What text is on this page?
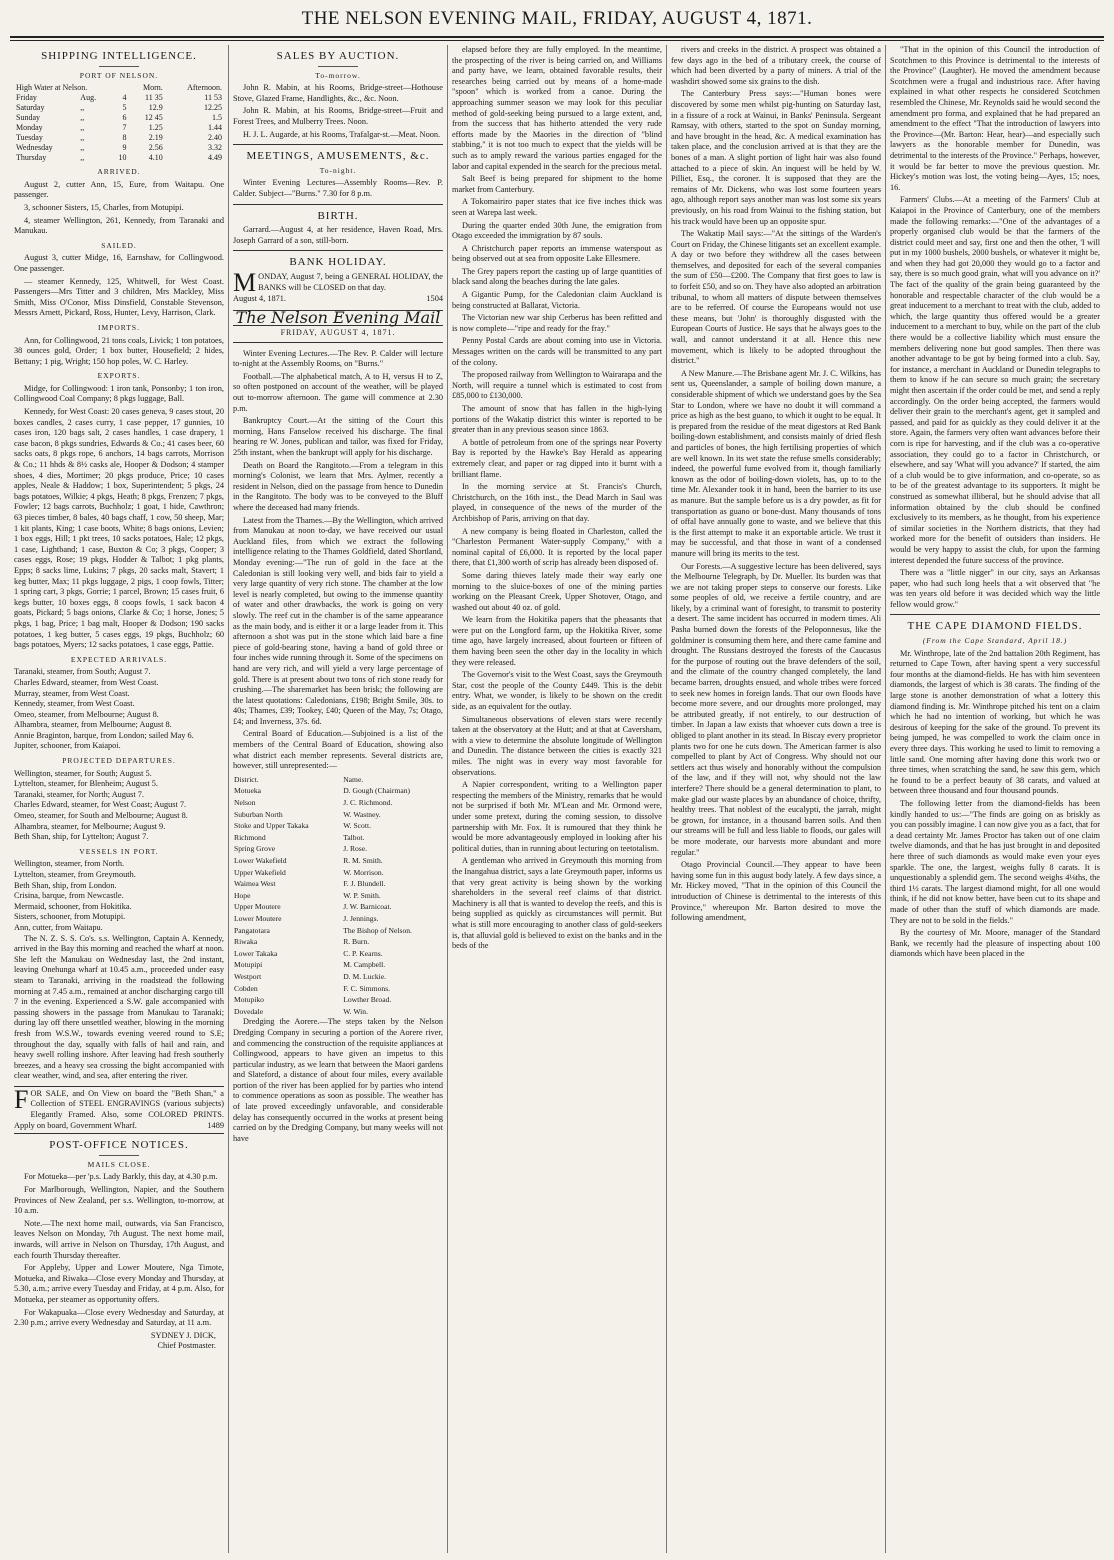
THE NELSON EVENING MAIL, FRIDAY, AUGUST 4, 1871.
SHIPPING INTELLIGENCE.
PORT OF NELSON.
High Water at Nelson.			Morn.	Afternoon.
Friday	Aug.	4	11 35	11 53
Saturday	,,	5	12.9	12.25
Sunday	,,	6	12 45	1.5
Monday	,,	7	1.25	1.44
Tuesday	,,	8	2.19	2.40
Wednesday	,,	9	2.56	3.32
Thursday	,,	10	4.10	4.49
ARRIVED.

August 2, cutter Ann, 15, Eure, from Waitapu. One passenger.

3, schooner Sisters, 15, Charles, from Motupipi.

4, steamer Wellington, 261, Kennedy, from Taranaki and Manukau.

SAILED.

August 3, cutter Midge, 16, Earnshaw, for Collingwood. One passenger.

— steamer Kennedy, 125, Whitwell, for West Coast. Passengers—Mrs Titter and 3 children, Mrs Mackley, Miss Smith, Miss O'Conor, Miss Dinsfield, Constable Stevenson, Messrs Arnett, Pickard, Ross, Hunter, Levy, Harrison, Clark.

IMPORTS.

Ann, for Collingwood, 21 tons coals, Livick; 1 ton potatoes, 38 ounces gold, Order; 1 box butter, Housefield; 2 hides, Bettany; 1 pig, Wright; 150 hop poles, W. C. Harley.

EXPORTS.

Midge, for Collingwood: 1 iron tank, Ponsonby; 1 ton iron, Collingwood Coal Company; 8 pkgs luggage, Ball.

Kennedy, for West Coast: 20 cases geneva, 9 cases stout, 20 boxes candles, 2 cases curry, 1 case pepper, 17 gunnies, 10 cases iron, 120 bags salt, 2 cases handles, 1 case drapery, 1 case bacon, 8 pkgs sundries, Edwards & Co.; 41 cases beer, 60 sacks oats, 8 pkgs rope, 6 anchors, 14 bags carrots, Morrison & Co.; 11 hhds & 8½ casks ale, Hooper & Dodson; 4 stamper shoes, 4 dies, Mortimer; 20 pkgs produce, Price; 10 cases apples, Neale & Haddow; 1 box, Superintendent; 5 pkgs, 24 bags potatoes, Wilkie; 4 pkgs, Heath; 8 pkgs, Frenzen; 7 pkgs, Fowler; 12 bags carrots, Buchholz; 1 goat, 1 hide, Cawthron; 63 pieces timber, 8 bales, 40 bags chaff, 1 cow, 50 sheep, Mar; 1 kit plants, King; 1 case boots, White; 8 bags onions, Levien; 1 box eggs, Hill; 1 pkt trees, 10 sacks potatoes, Hale; 12 pkgs, 1 case, Lightband; 1 case, Buxton & Co; 3 pkgs, Cooper; 3 cases eggs, Rose; 19 pkgs, Hodder & Talbot; 1 pkg plants, Epps; 8 sacks lime, Lukins; 7 pkgs, 20 sacks malt, Stavert; 1 keg butter, Max; 11 pkgs luggage, 2 pigs, 1 coop fowls, Titter; 1 spring cart, 3 pkgs, Gorrie; 1 parcel, Brown; 15 cases fruit, 6 kegs butter, 10 boxes eggs, 8 coops fowls, 1 sack bacon 4 goats, Pickard; 5 bags onions, Clarke & Co; 1 horse, Jones; 5 pkgs, 1 bag, Price; 1 bag malt, Hooper & Dodson; 190 sacks potatoes, 1 keg butter, 5 cases eggs, 19 pkgs, Buchholz; 60 bags potatoes, Myers; 12 sacks potatoes, 1 case eggs, Pattie.

EXPECTED ARRIVALS.
Taranaki, steamer, from South; August 7.
Charles Edward, steamer, from West Coast.
Murray, steamer, from West Coast.
Kennedy, steamer, from West Coast.
Omeo, steamer, from Melbourne; August 8.
Alhambra, steamer, from Melbourne; August 8.
Annie Braginton, barque, from London; sailed May 6.
Jupiter, schooner, from Kaiapoi.
PROJECTED DEPARTURES.
Wellington, steamer, for South; August 5.
Lyttelton, steamer, for Blenheim; August 5.
Taranaki, steamer, for North; August 7.
Charles Edward, steamer, for West Coast; August 7.
Omeo, steamer, for South and Melbourne; August 8.
Alhambra, steamer, for Melbourne; August 9.
Beth Shan, ship, for Lyttelton; August 7.
VESSELS IN PORT.
Wellington, steamer, from North.
Lyttelton, steamer, from Greymouth.
Beth Shan, ship, from London.
Crisina, barque, from Newcastle.
Mermaid, schooner, from Hokitika.
Sisters, schooner, from Motupipi.
Ann, cutter, from Waitapu.

The N. Z. S. S. Co's. s.s. Wellington, Captain A. Kennedy, arrived in the Bay this morning and reached the wharf at noon. She left the Manukau on Wednesday last, the 2nd instant, leaving Onehunga wharf at 10.45 a.m., proceeded under easy steam to Taranaki, arriving in the roadstead the following morning at 7.45 a.m., remained at anchor discharging cargo till 7 in the evening. Experienced a S.W. gale accompanied with passing showers in the passage from Manukau to Taranaki; during lay off there unsettled weather, blowing in the morning fresh from W.S.W., towards evening veered round to S.E; throughout the day, squally with falls of hail and rain, and heavy swell rolling inshore. After leaving had fresh southerly breezes, and a heavy sea crossing the bight accompanied with clear weather, wind, and sea, after entering the river.

F OR SALE, and On View on board the "Beth Shan," a Collection of STEEL ENGRAVINGS (various subjects) Elegantly Framed. Also, some COLORED PRINTS. Apply on board, Government Wharf.	1489
POST-OFFICE NOTICES.
MAILS CLOSE.

For Motueka—per 'p.s. Lady Barkly, this day, at 4.30 p.m.

For Marlborough, Wellington, Napier, and the Southern Provinces of New Zealand, per s.s. Wellington, to-morrow, at 10 a.m.

Note.—The next home mail, outwards, via San Francisco, leaves Nelson on Monday, 7th August. The next home mail, inwards, will arrive in Nelson on Thursday, 17th August, and each fourth Thursday thereafter.

For Appleby, Upper and Lower Moutere, Nga Timote, Motueka, and Riwaka—Close every Monday and Thursday, at 5.30, a.m.; arrive every Tuesday and Friday, at 4 p.m. Also, for Motueka, per steamer as opportunity offers.

For Wakapuaka—Close every Wednesday and Saturday, at 2.30 p.m.; arrive every Wednesday and Saturday, at 11 a.m.

SYDNEY J. DICK,
Chief Postmaster.
SALES BY AUCTION.
To-morrow.

John R. Mabin, at his Rooms, Bridge-street—Hothouse Stove, Glazed Frame, Handlights, &c., &c. Noon.

John R. Mabin, at his Rooms, Bridge-street—Fruit and Forest Trees, and Mulberry Trees. Noon.

H. J. L. Augarde, at his Rooms, Trafalgar-st.—Meat. Noon.

MEETINGS, AMUSEMENTS, &c.
To-night.

Winter Evening Lectures—Assembly Rooms—Rev. P. Calder. Subject—"Burns." 7.30 for 8 p.m.

BIRTH.

Garrard.—August 4, at her residence, Haven Road, Mrs. Joseph Garrard of a son, still-born.

BANK HOLIDAY.
M ONDAY, August 7, being a GENERAL HOLIDAY, the BANKS will be CLOSED on that day.
August 4, 1871.	1504
The Nelson Evening Mail
FRIDAY, AUGUST 4, 1871.

Winter Evening Lectures.—The Rev. P. Calder will lecture to-night at the Assembly Rooms, on "Burns."

Football.—The alphabetical match, A to H, versus H to Z, so often postponed on account of the weather, will be played out to-morrow afternoon. The game will commence at 2.30 p.m.

Bankruptcy Court.—At the sitting of the Court this morning, Hans Fanselow received his discharge. The final hearing re W. Jones, publican and tailor, was fixed for Friday, 25th instant, when the bankrupt will apply for his discharge.

Death on Board the Rangitoto.—From a telegram in this morning's Colonist, we learn that Mrs. Aylmer, recently a resident in Nelson, died on the passage from hence to Dunedin in the Rangitoto. The body was to be conveyed to the Bluff where the deceased had many friends.

Latest from the Thames.—By the Wellington, which arrived from Manukau at noon to-day, we have received our usual Auckland files, from which we extract the following intelligence relating to the Thames Goldfield, dated Shortland, Monday evening:—"The run of gold in the face at the Caledonian is still looking very well, and bids fair to yield a very large quantity of very rich stone. The chamber at the low level is nearly completed, but owing to the immense quantity of water and other drawbacks, the work is going on very slowly. The reef cut in the chamber is of the same appearance as the main body, and is either it or a large leader from it. This afternoon a shot was put in the stone which laid bare a fine piece of gold-bearing stone, having a band of gold three or four inches wide running through it. Some of the specimens on hand are very rich, and will yield a very large percentage of gold. There is at present about two tons of rich stone ready for crushing.—The sharemarket has been brisk; the following are the latest quotations: Caledonians, £198; Bright Smile, 30s. to 40s; Thames, £39; Tookey, £40; Queen of the May, 7s; Otago, £4; and Inverness, 37s. 6d.

Central Board of Education.—Subjoined is a list of the members of the Central Board of Education, showing also what district each member represents. Several districts are, however, still unrepresented:—

District.	Name.
Motueka	D. Gough (Chairman)
Nelson	J. C. Richmond.
Suburban North	W. Wastney.
Stoke and Upper Takaka	W. Scott.
Richmond	Talbot.
Spring Grove	J. Rose.
Lower Wakefield	R. M. Smith.
Upper Wakefield	W. Morrison.
Waimea West	F. J. Blundell.
Hope	W. P. Smith.
Upper Moutere	J. W. Barnicoat.
Lower Moutere	J. Jennings.
Pangatotara	The Bishop of Nelson.
Riwaka	R. Burn.
Lower Takaka	C. P. Kearns.
Motupipi	M. Campbell.
Westport	D. M. Luckie.
Cobden	F. C. Simmons.
Motupiko	Lowther Broad.
Dovedale	W. Win.

Dredging the Aorere.—The steps taken by the Nelson Dredging Company in securing a portion of the Aorere river, and commencing the construction of the requisite appliances at Collingwood, appears to have given an impetus to this particular industry, as we learn that between the Maori gardens and Slateford, a distance of about four miles, every available portion of the river has been applied for by parties who intend to commence operations as soon as possible. The weather has of late proved exceedingly unfavorable, and considerable delay has consequently occurred in the works at present being carried on by the Dredging Company, but many weeks will not have

elapsed before they are fully employed. In the meantime, the prospecting of the river is being carried on, and Williams and party have, we learn, obtained favorable results, their researches being carried out by means of a home-made "spoon" which is worked from a canoe. During the approaching summer season we may look for this peculiar method of gold-seeking being pursued to a large extent, and, from the success that has hitherto attended the very rude efforts made by the Maories in the direction of "blind stabbing," it is not too much to expect that the yields will be such as to amply reward the various parties engaged for the labor and capital expended in the search for the precious metal.

Salt Beef is being prepared for shipment to the home market from Canterbury.

A Tokomairiro paper states that ice five inches thick was seen at Warepa last week.

During the quarter ended 30th June, the emigration from Otago exceeded the immigration by 87 souls.

A Christchurch paper reports an immense waterspout as being observed out at sea from opposite Lake Ellesmere.

The Grey papers report the casting up of large quantities of black sand along the beaches during the late gales.

A Gigantic Pump, for the Caledonian claim Auckland is being constructed at Ballarat, Victoria.

The Victorian new war ship Cerberus has been refitted and is now complete—"ripe and ready for the fray."

Penny Postal Cards are about coming into use in Victoria. Messages written on the cards will be transmitted to any part of the colony.

The proposed railway from Wellington to Wairarapa and the North, will require a tunnel which is estimated to cost from £85,000 to £130,000.

The amount of snow that has fallen in the high-lying portions of the Wakatip district this winter is reported to be greater than in any previous season since 1863.

A bottle of petroleum from one of the springs near Poverty Bay is reported by the Hawke's Bay Herald as appearing extremely clear, and paper or rag dipped into it burnt with a brilliant flame.

In the morning service at St. Francis's Church, Christchurch, on the 16th inst., the Dead March in Saul was played, in consequence of the news of the murder of the Archbishop of Paris, arriving on that day.

A new company is being floated in Charleston, called the "Charleston Permanent Water-supply Company," with a nominal capital of £6,000. It is reported by the local paper there, that £1,300 worth of scrip has already been disposed of.

Some daring thieves lately made their way early one morning to the sluice-boxes of one of the mining parties working on the Pleasant Creek, Upper Shotover, Otago, and washed out about 40 oz. of gold.

We learn from the Hokitika papers that the pheasants that were put on the Longford farm, up the Hokitika River, some time ago, have largely increased, about fourteen or fifteen of them having been seen the other day in the locality in which they were released.

The Governor's visit to the West Coast, says the Greymouth Star, cost the people of the County £449. This is the debit entry. What, we wonder, is likely to be shown on the credit side, as an equivalent for the outlay.

Simultaneous observations of eleven stars were recently taken at the observatory at the Hutt; and at that at Caversham, with a view to determine the absolute longitude of Wellington and Dunedin. The distance between the cities is exactly 321 miles. The night was in every way most favorable for observations.

A Napier correspondent, writing to a Wellington paper respecting the members of the Ministry, remarks that he would not be surprised if both Mr. M'Lean and Mr. Ormond were, under some pretext, during the coming session, to dissolve partnership with Mr. Fox. It is rumoured that they think he would be more advantageously employed in looking after his political duties, than in running about lecturing on teetotalism.

A gentleman who arrived in Greymouth this morning from the Inangahua district, says a late Greymouth paper, informs us that very great activity is being shown by the working shareholders in the several reef claims of that district. Machinery is all that is wanted to develop the reefs, and this is being supplied as quickly as circumstances will permit. But what is still more encouraging to another class of gold-seekers is, that alluvial gold is believed to exist on the banks and in the beds of the

rivers and creeks in the district. A prospect was obtained a few days ago in the bed of a tributary creek, the course of which had been diverted by a party of miners. A trial of the washdirt showed some six grains to the dish.

The Canterbury Press says:—"Human bones were discovered by some men whilst pig-hunting on Saturday last, in a fissure of a rock at Wainui, in Banks' Peninsula. Sergeant Ramsay, with others, started to the spot on Sunday morning, and have brought in the head, &c. A medical examination has taken place, and the conclusion arrived at is that they are the bones of a man. A slight portion of light hair was also found attached to a piece of skin. An inquest will be held by W. Pilliet, Esq., the coroner. It is supposed that they are the remains of Mr. Dickens, who was lost some fourteen years ago, although report says another man was lost some six years previously, on his road from Wainui to the fishing station, but his track would have been up an opposite spur.

The Wakatip Mail says:—"At the sittings of the Warden's Court on Friday, the Chinese litigants set an excellent example. A day or two before they withdrew all the cases between themselves, and deposited for each of the several companies the sum of £50—£200. The Company that first goes to law is to forfeit £50, and so on. They have also adopted an arbitration tribunal, to whom all matters of dispute between themselves are to be referred. Of course the Europeans would not use these means, but 'John' is thoroughly disgusted with the European Courts of Justice. He says that he always goes to the wall, and cannot understand it at all. Hence this new movement, which is likely to be adopted throughout the district."

A New Manure.—The Brisbane agent Mr. J. C. Wilkins, has sent us, Queenslander, a sample of boiling down manure, a considerable shipment of which we understand goes by the Sea Star to London, where we have no doubt it will command a price as high as the best guano, to which it ought to be equal. It is prepared from the residue of the meat digestors at Red Bank boiling-down establishment, and consists mainly of dried flesh and particles of bones, the high fertilising properties of which are well known. In its wet state the refuse smells considerably; indeed, the powerful fume evolved from it, though familiarly known as the odor of boiling-down violets, has, up to to the time Mr. Alexander took it in hand, been the barrier to its use as manure. But the sample before us is a dry powder, as fit for transportation as guano or bone-dust. Many thousands of tons of offal have annually gone to waste, and we believe that this is the first attempt to make it an exportable article. We trust it may be successful, and that those in want of a condensed manure will bring its merits to the test.

Our Forests.—A suggestive lecture has been delivered, says the Melbourne Telegraph, by Dr. Mueller. Its burden was that we are not taking proper steps to conserve our forests. Like some peoples of old, we receive a fertile country, and are likely, by a criminal want of foresight, to transmit to posterity a desert. The same incident has occurred in modern times. Ali Pasha burned down the forests of the Peloponnesus, like the goldminer is consuming them here, and there came famine and drought. The Russians destroyed the forests of the Caucasus for the purpose of routing out the brave defenders of the soil, and the climate of the country changed completely, the land became barren, droughts ensued, and whole tribes were forced to seek new homes in foreign lands. That our own floods have become more severe, and our droughts more prolonged, may be attributed greatly, if not entirely, to our destruction of timber. In Japan a law exists that whoever cuts down a tree is obliged to plant another in its stead. In Biscay every proprietor plants two for one he cuts down. The American farmer is also compelled to plant by Act of Congress. Why should not our settlers act thus wisely and honorably without the compulsion of the law, and if they will not, why should not the law interfere? There should be a general determination to plant, to make glad our waste places by an abundance of choice, thrifty, healthy trees. That noblest of the eucalypti, the jarrah, might be grown, for instance, in a thousand barren soils. And then our streams will be full and less liable to floods, our gales will be more moderate, our harvests more abundant and more regular."

Otago Provincial Council.—They appear to have been having some fun in this august body lately. A few days since, a Mr. Hickey moved, "That in the opinion of this Council the introduction of Chinese is detrimental to the interests of this Province," whereupon Mr. Barton desired to move the following amendment,

"That in the opinion of this Council the introduction of Scotchmen to this Province is detrimental to the interests of the Province" (Laughter). He moved the amendment because Scotchmen were a frugal and industrious race. After having explained in what other respects he considered Scotchmen resembled the Chinese, Mr. Reynolds said he would second the amendment pro forma, and explained that he had prepared an amendment to the effect "That the introduction of lawyers into the Province—(Mr. Barton: Hear, hear)—and especially such lawyers as the honorable member for Dunedin, was detrimental to the interests of the Province." Perhaps, however, it would be far better to move the previous question. Mr. Hickey's motion was lost, the voting being—Ayes, 15; noes, 16.

Farmers' Clubs.—At a meeting of the Farmers' Club at Kaiapoi in the Province of Canterbury, one of the members made the following remarks:—"One of the advantages of a properly organised club would be that the farmers of the district could meet and say, first one and then the other, 'I will put in my 1000 bushels, 2000 bushels, or whatever it might be, and when they had got 20,000 they would go to a factor and say, there is so much good grain, what will you advance on it?' The fact of the quality of the grain being guaranteed by the honorable and respectable character of the club would be a great inducement to a merchant to treat with the club, added to which, the large quantity thus offered would be a greater inducement to a merchant to buy, while on the part of the club there would be a collective liability which must ensure the members delivering none but good samples. Then there was another advantage to be got by being formed into a club. Say, for instance, a merchant in Auckland or Dunedin telegraphs to them to know if he can secure so much grain; the secretary might then ascertain if the order could be met, and send a reply accordingly. On the order being accepted, the farmers would deliver their grain to the merchant's agent, get it sampled and passed, and paid for as quickly as they could deliver it at the store. Again, the farmers very often want advances before their corn is ripe for harvesting, and if the club was a co-operative association, they could go to a factor in Christchurch, or elsewhere, and say 'What will you advance?' If started, the aim of a club would be to give information, and co-operate, so as to be of the greatest advantage to its supporters. It might be construed as somewhat illiberal, but he should advise that all information obtained by the club should be confined exclusively to its members, as he thought, from his experience of similar societies in the Northern districts, that they had worked more for the benefit of outsiders than insiders. He would be very happy to assist the club, for upon the farming interest depended the future success of the province.

There was a "little nigger" in our city, says an Arkansas paper, who had such long heels that a wit observed that "he was ten years old before it was decided which way the little fellow would grow."

THE CAPE DIAMOND FIELDS.
(From the Cape Standard, April 18.)

Mr. Winthrope, late of the 2nd battalion 20th Regiment, has returned to Cape Town, after having spent a very successful four months at the diamond-fields. He has with him seventeen diamonds, the largest of which is 38 carats. The finding of the large stone is another demonstration of what a lottery this diamond finding is. Mr. Winthrope pitched his tent on a claim which he had no intention of working, but which he was desirous of keeping for the sake of the ground. To prevent its being jumped, he was compelled to work the claim once in every three days. This working he used to limit to removing a little sand. One morning after having done this work two or three times, when scratching the sand, he saw this gem, which he found to be a perfect beauty of 38 carats, and valued at between three thousand and four thousand pounds.

The following letter from the diamond-fields has been kindly handed to us:—"The finds are going on as briskly as you can possibly imagine. I can now give you as a fact, that for a dead certainty Mr. James Proctor has taken out of one claim twelve diamonds, and that he has just brought in and deposited here three of such diamonds as would make even your eyes sparkle. The one, the largest, weighs fully 8 carats. It is unquestionably a splendid gem. The second weighs 4⅛ths, the third 1½ carats. The largest diamond might, for all one would think, if he did not know better, have been cut to its shape and made of other than the stuff of which diamonds are made. They are not to be sold in the fields."

By the courtesy of Mr. Moore, manager of the Standard Bank, we recently had the pleasure of inspecting about 100 diamonds which have been placed in the
